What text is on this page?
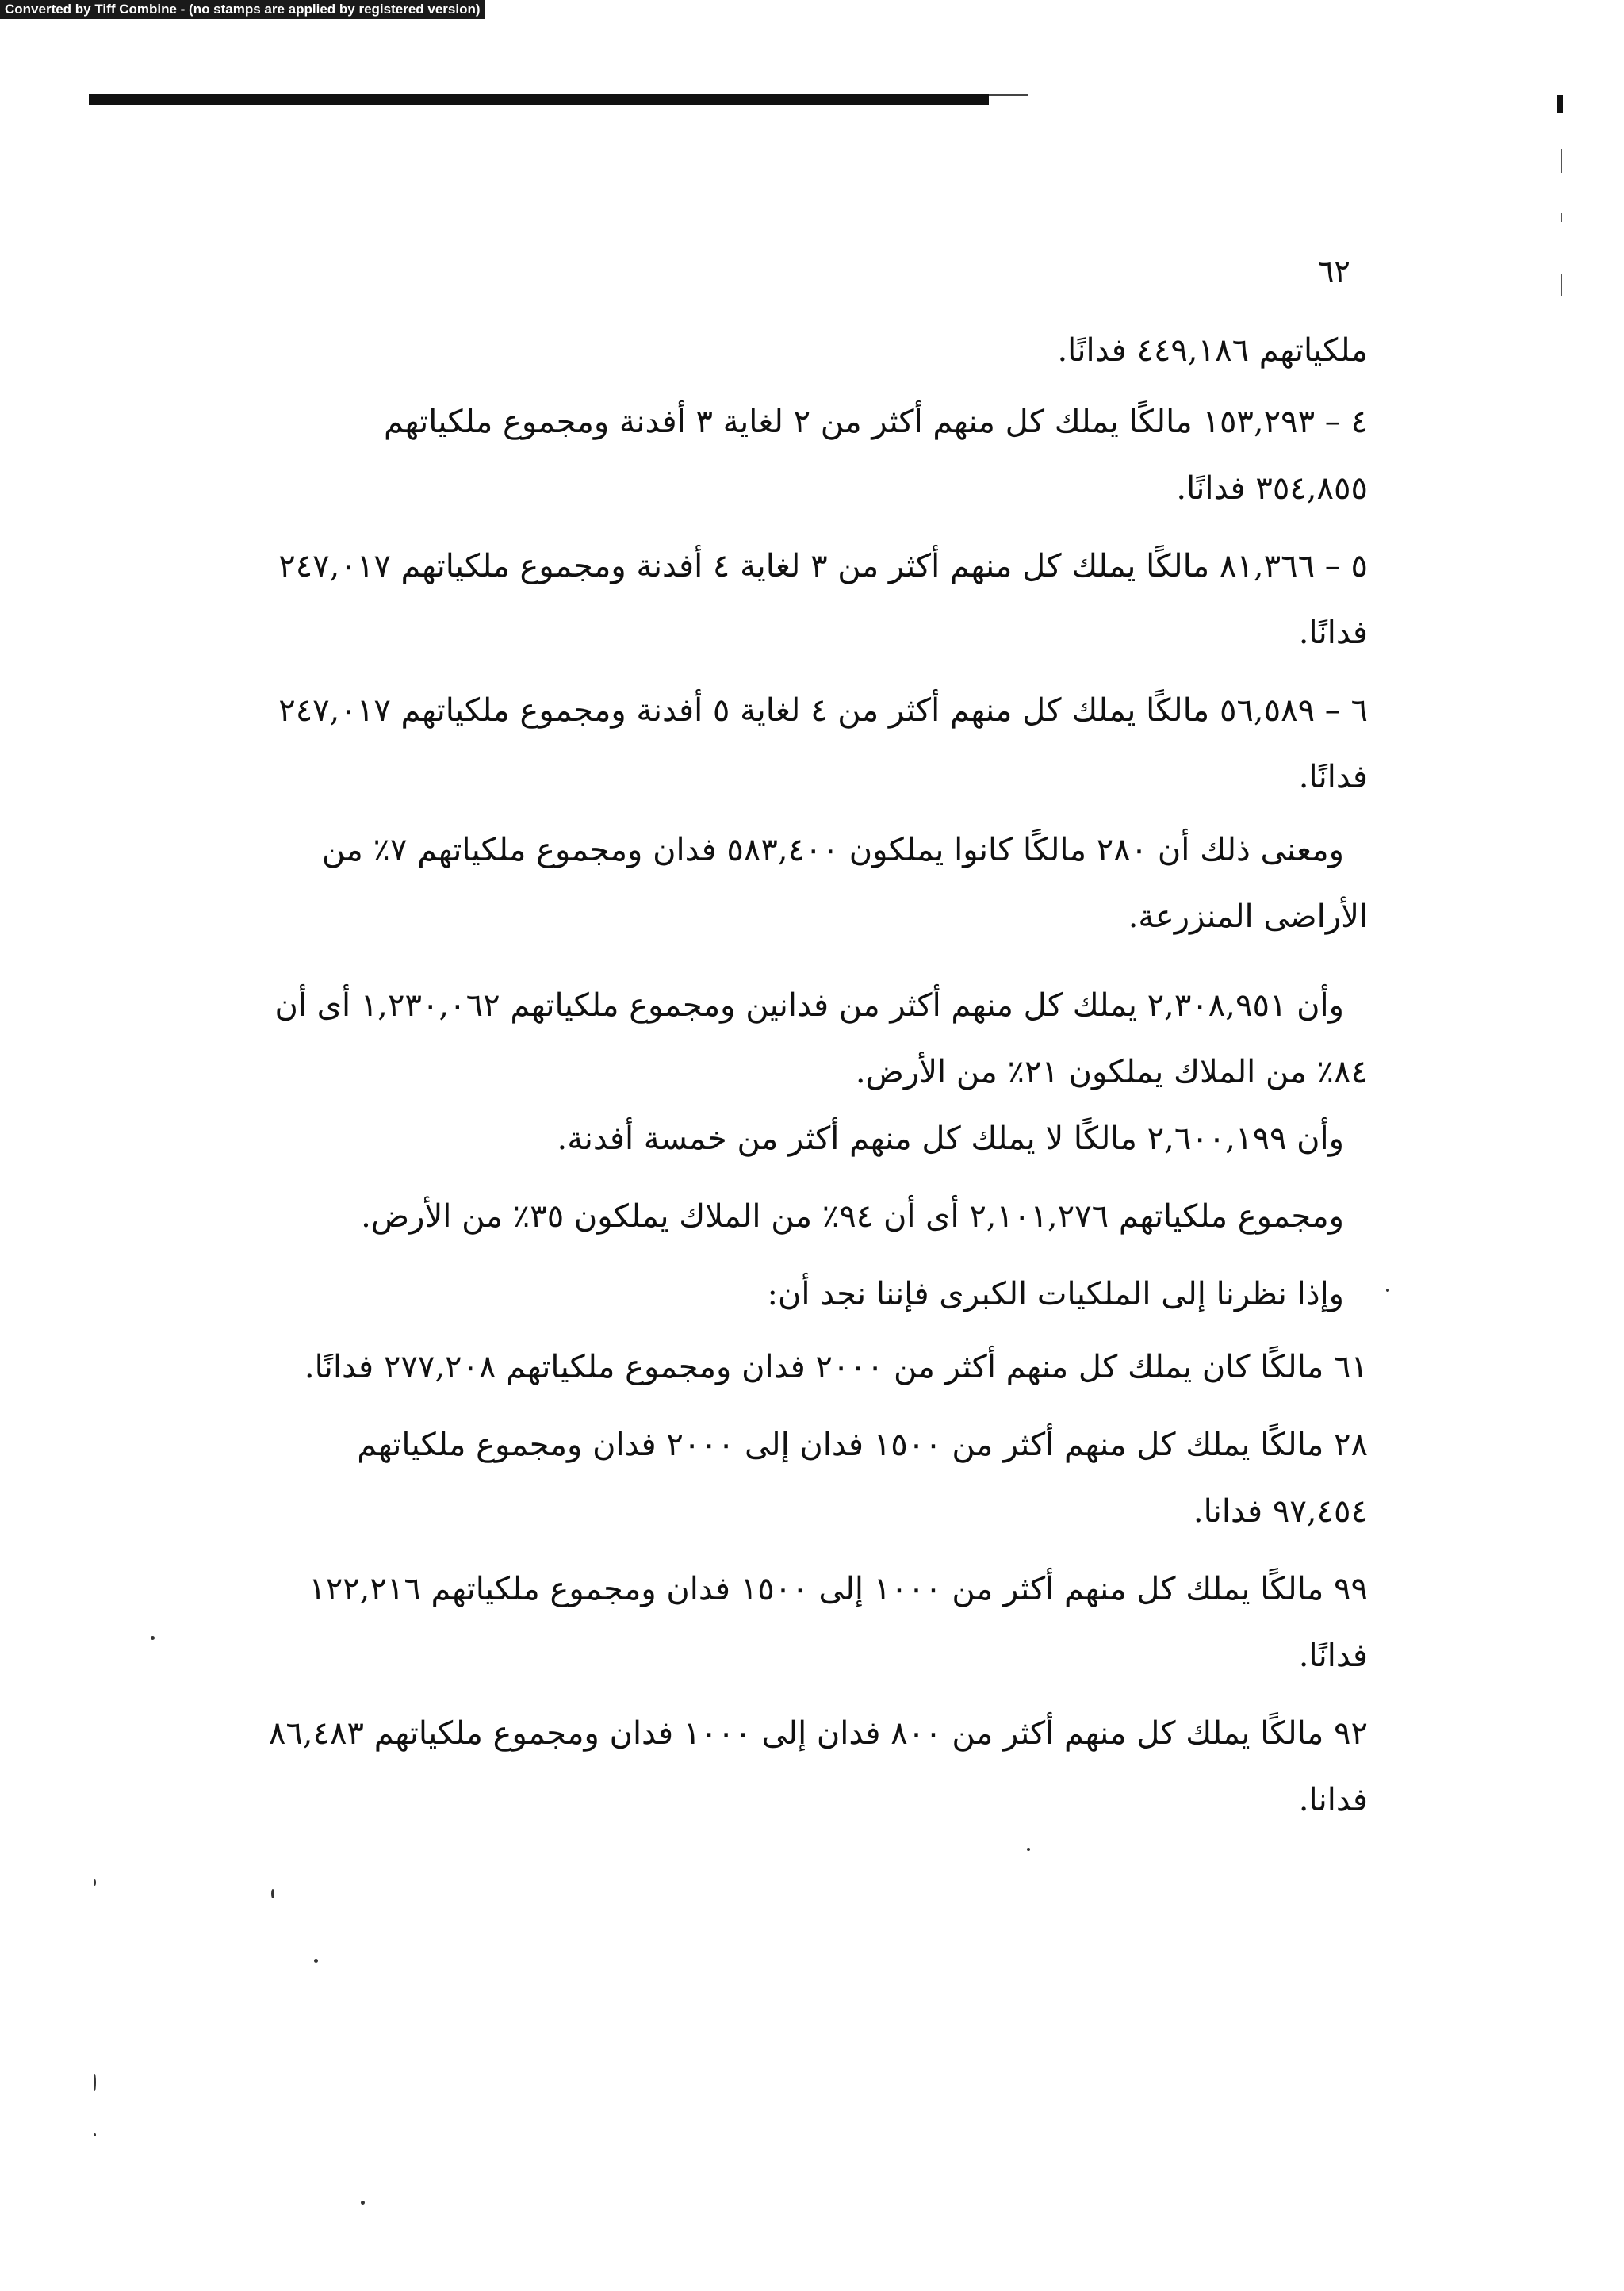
Converted by Tiff Combine - (no stamps are applied by registered version)
٦٢

ملكياتهم ٤٤٩,١٨٦ فدانًا.

٤ – ١٥٣,٢٩٣ مالكًا يملك كل منهم أكثر من ٢ لغاية ٣ أفدنة ومجموع ملكياتهم ٣٥٤,٨٥٥ فدانًا.

٥ – ٨١,٣٦٦ مالكًا يملك كل منهم أكثر من ٣ لغاية ٤ أفدنة ومجموع ملكياتهم ٢٤٧,٠١٧ فدانًا.

٦ – ٥٦,٥٨٩ مالكًا يملك كل منهم أكثر من ٤ لغاية ٥ أفدنة ومجموع ملكياتهم ٢٤٧,٠١٧ فدانًا.

ومعنى ذلك أن ٢٨٠ مالكًا كانوا يملكون ٥٨٣,٤٠٠ فدان ومجموع ملكياتهم ٧٪ من الأراضى المنزرعة.

وأن ٢,٣٠٨,٩٥١ يملك كل منهم أكثر من فدانين ومجموع ملكياتهم ١,٢٣٠,٠٦٢ أى أن ٨٤٪ من الملاك يملكون ٢١٪ من الأرض.

وأن ٢,٦٠٠,١٩٩ مالكًا لا يملك كل منهم أكثر من خمسة أفدنة.

ومجموع ملكياتهم ٢,١٠١,٢٧٦ أى أن ٩٤٪ من الملاك يملكون ٣٥٪ من الأرض.

وإذا نظرنا إلى الملكيات الكبرى فإننا نجد أن:

٦١ مالكًا كان يملك كل منهم أكثر من ٢٠٠٠ فدان ومجموع ملكياتهم ٢٧٧,٢٠٨ فدانًا.

٢٨ مالكًا يملك كل منهم أكثر من ١٥٠٠ فدان إلى ٢٠٠٠ فدان ومجموع ملكياتهم ٩٧,٤٥٤ فدانا.

٩٩ مالكًا يملك كل منهم أكثر من ١٠٠٠ إلى ١٥٠٠ فدان ومجموع ملكياتهم ١٢٢,٢١٦ فدانًا.

٩٢ مالكًا يملك كل منهم أكثر من ٨٠٠ فدان إلى ١٠٠٠ فدان ومجموع ملكياتهم ٨٦,٤٨٣ فدانا.
